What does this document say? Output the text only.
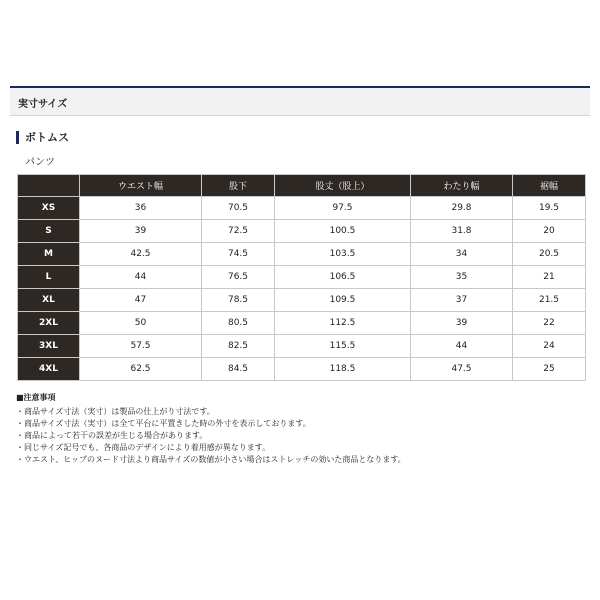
実寸サイズ
ボトムス
パンツ
	ウエスト幅	股下	股丈（股上）	わたり幅	裾幅
XS	36	70.5	97.5	29.8	19.5
S	39	72.5	100.5	31.8	20
M	42.5	74.5	103.5	34	20.5
L	44	76.5	106.5	35	21
XL	47	78.5	109.5	37	21.5
2XL	50	80.5	112.5	39	22
3XL	57.5	82.5	115.5	44	24
4XL	62.5	84.5	118.5	47.5	25
■注意事項
・商品サイズ寸法（実寸）は製品の仕上がり寸法です。
・商品サイズ寸法（実寸）は全て平台に平置きした時の外寸を表示しております。
・商品によって若干の誤差が生じる場合があります。
・同じサイズ記号でも、各商品のデザインにより着用感が異なります。
・ウエスト、ヒップのヌード寸法より商品サイズの数値が小さい場合はストレッチの効いた商品となります。
